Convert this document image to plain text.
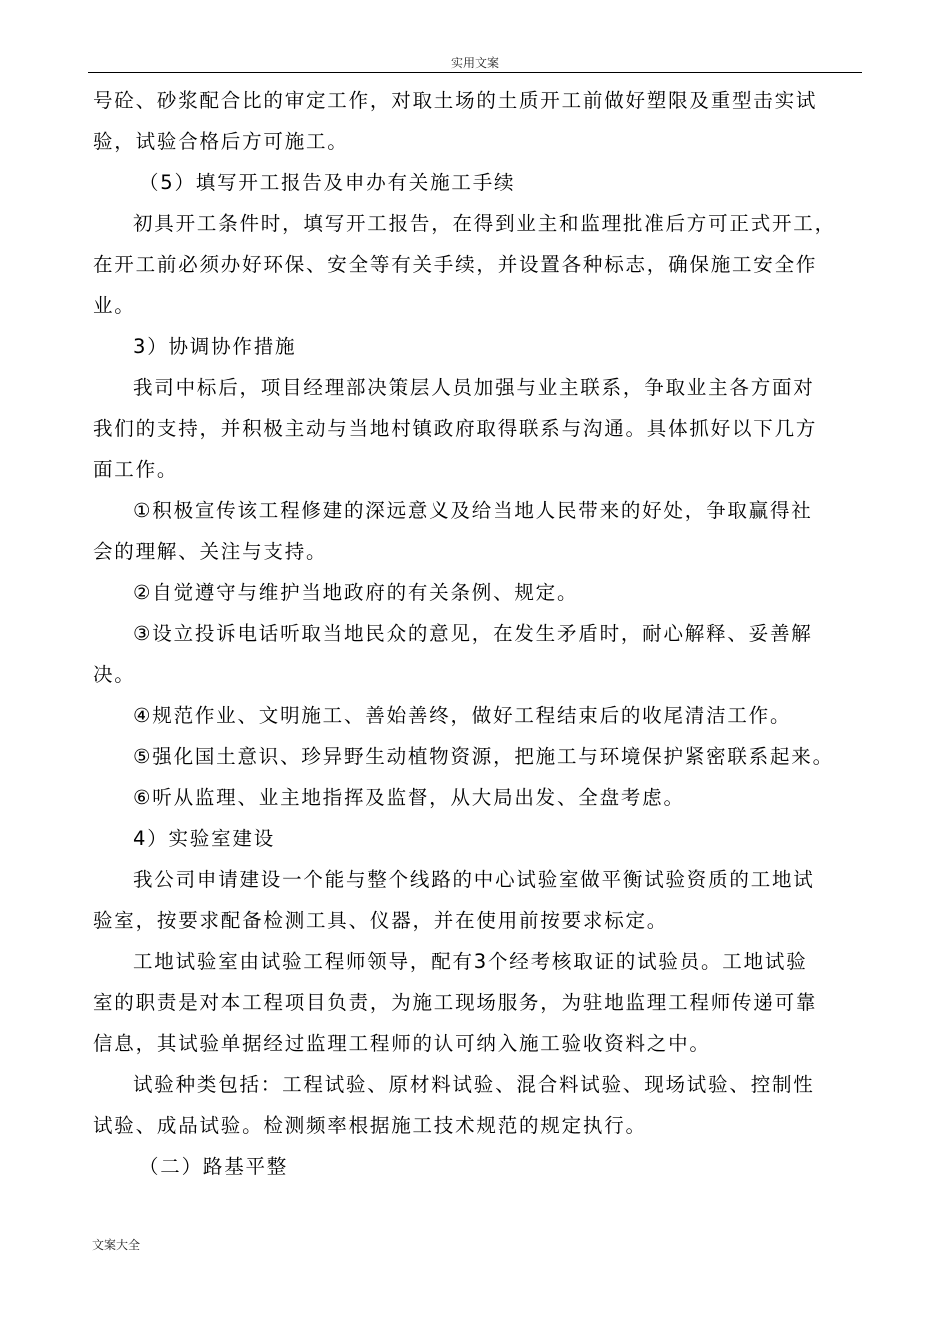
实用文案
号砼、砂浆配合比的审定工作，对取土场的土质开工前做好塑限及重型击实试
验，试验合格后方可施工。
（5）填写开工报告及申办有关施工手续
初具开工条件时，填写开工报告，在得到业主和监理批准后方可正式开工，
在开工前必须办好环保、安全等有关手续，并设置各种标志，确保施工安全作
业。
3）协调协作措施
我司中标后，项目经理部决策层人员加强与业主联系，争取业主各方面对
我们的支持，并积极主动与当地村镇政府取得联系与沟通。具体抓好以下几方
面工作。
①积极宣传该工程修建的深远意义及给当地人民带来的好处，争取赢得社
会的理解、关注与支持。
②自觉遵守与维护当地政府的有关条例、规定。
③设立投诉电话听取当地民众的意见，在发生矛盾时，耐心解释、妥善解
决。
④规范作业、文明施工、善始善终，做好工程结束后的收尾清洁工作。
⑤强化国土意识、珍异野生动植物资源，把施工与环境保护紧密联系起来。
⑥听从监理、业主地指挥及监督，从大局出发、全盘考虑。
4）实验室建设
我公司申请建设一个能与整个线路的中心试验室做平衡试验资质的工地试
验室，按要求配备检测工具、仪器，并在使用前按要求标定。
工地试验室由试验工程师领导，配有3个经考核取证的试验员。工地试验
室的职责是对本工程项目负责，为施工现场服务，为驻地监理工程师传递可靠
信息，其试验单据经过监理工程师的认可纳入施工验收资料之中。
试验种类包括：工程试验、原材料试验、混合料试验、现场试验、控制性
试验、成品试验。检测频率根据施工技术规范的规定执行。
（二）路基平整
文案大全
